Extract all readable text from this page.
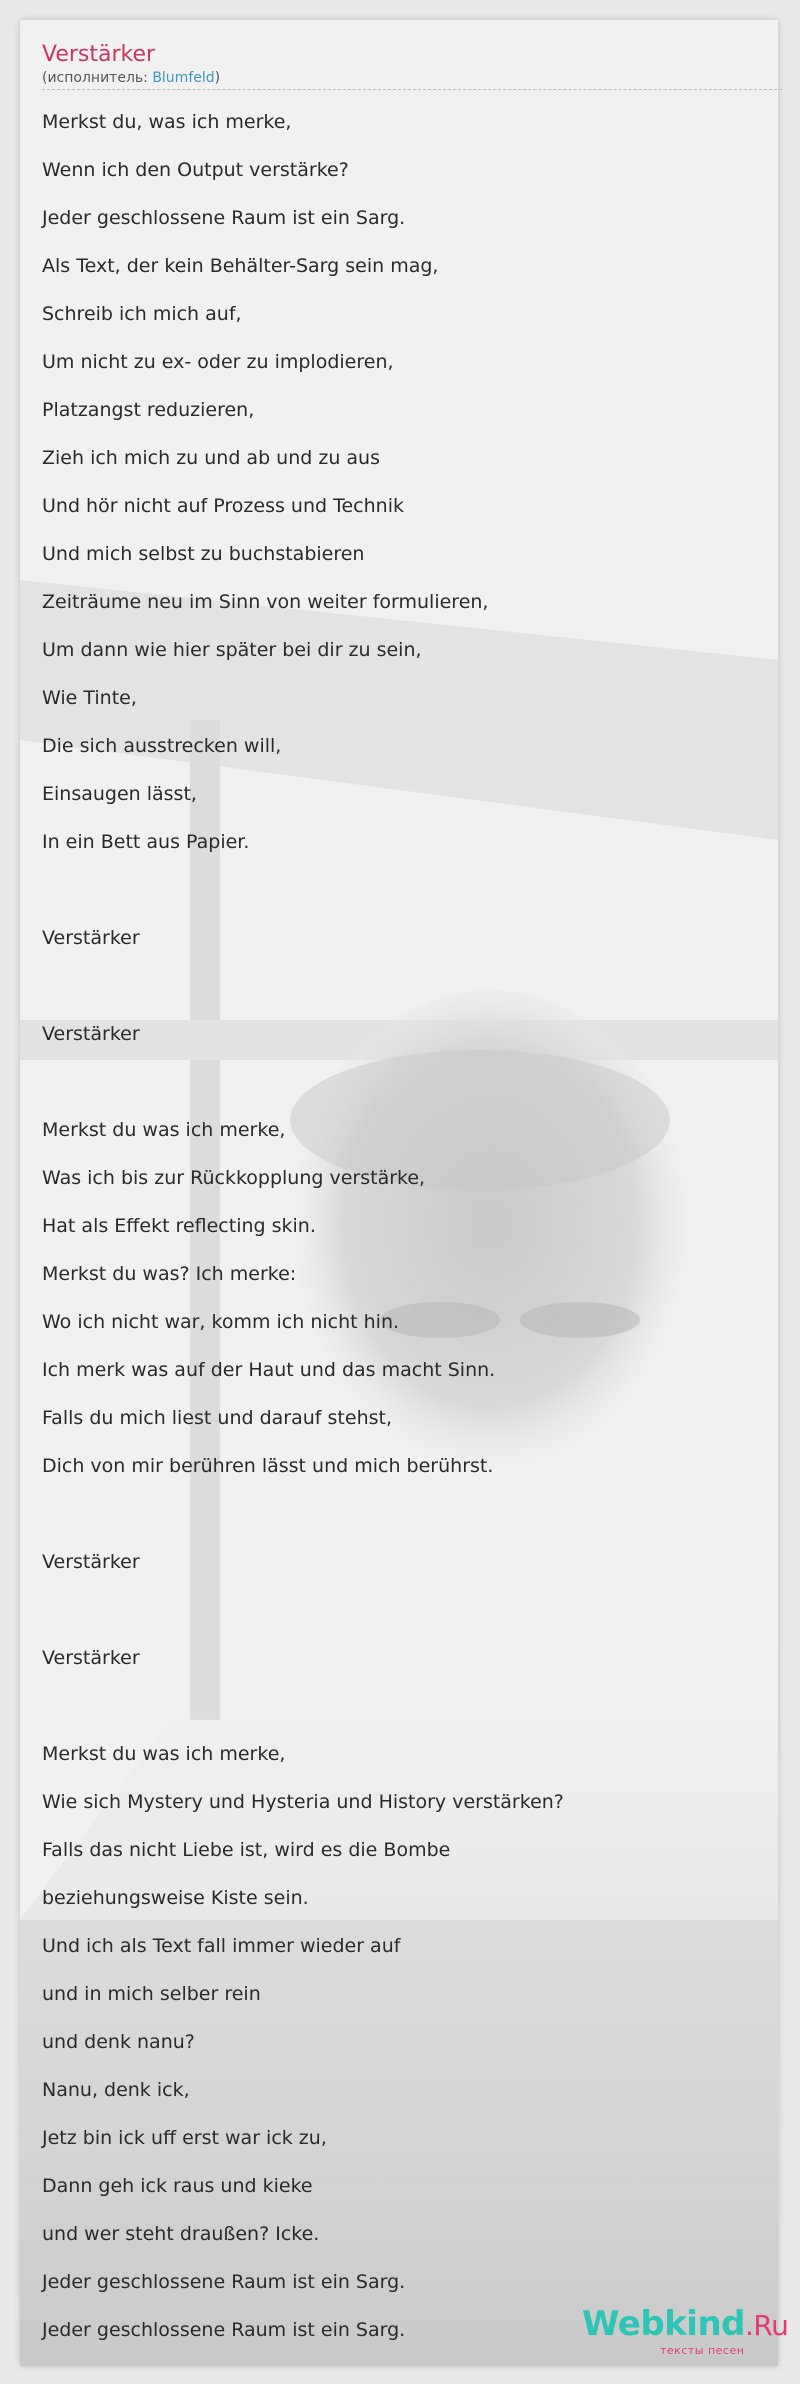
Verstärker
(исполнитель: Blumfeld)
Merkst du, was ich merke,
Wenn ich den Output verstärke?
Jeder geschlossene Raum ist ein Sarg.
Als Text, der kein Behälter-Sarg sein mag,
Schreib ich mich auf,
Um nicht zu ex- oder zu implodieren,
Platzangst reduzieren,
Zieh ich mich zu und ab und zu aus
Und hör nicht auf Prozess und Technik
Und mich selbst zu buchstabieren
Zeiträume neu im Sinn von weiter formulieren,
Um dann wie hier später bei dir zu sein,
Wie Tinte,
Die sich ausstrecken will,
Einsaugen lässt,
In ein Bett aus Papier.
Verstärker
Verstärker
Merkst du was ich merke,
Was ich bis zur Rückkopplung verstärke,
Hat als Effekt reflecting skin.
Merkst du was? Ich merke:
Wo ich nicht war, komm ich nicht hin.
Ich merk was auf der Haut und das macht Sinn.
Falls du mich liest und darauf stehst,
Dich von mir berühren lässt und mich berührst.
Verstärker
Verstärker
Merkst du was ich merke,
Wie sich Mystery und Hysteria und History verstärken?
Falls das nicht Liebe ist, wird es die Bombe
beziehungsweise Kiste sein.
Und ich als Text fall immer wieder auf
und in mich selber rein
und denk nanu?
Nanu, denk ick,
Jetz bin ick uff erst war ick zu,
Dann geh ick raus und kieke
und wer steht draußen? Icke.
Jeder geschlossene Raum ist ein Sarg.
Jeder geschlossene Raum ist ein Sarg.	Webkind.Ru
тексты песен
